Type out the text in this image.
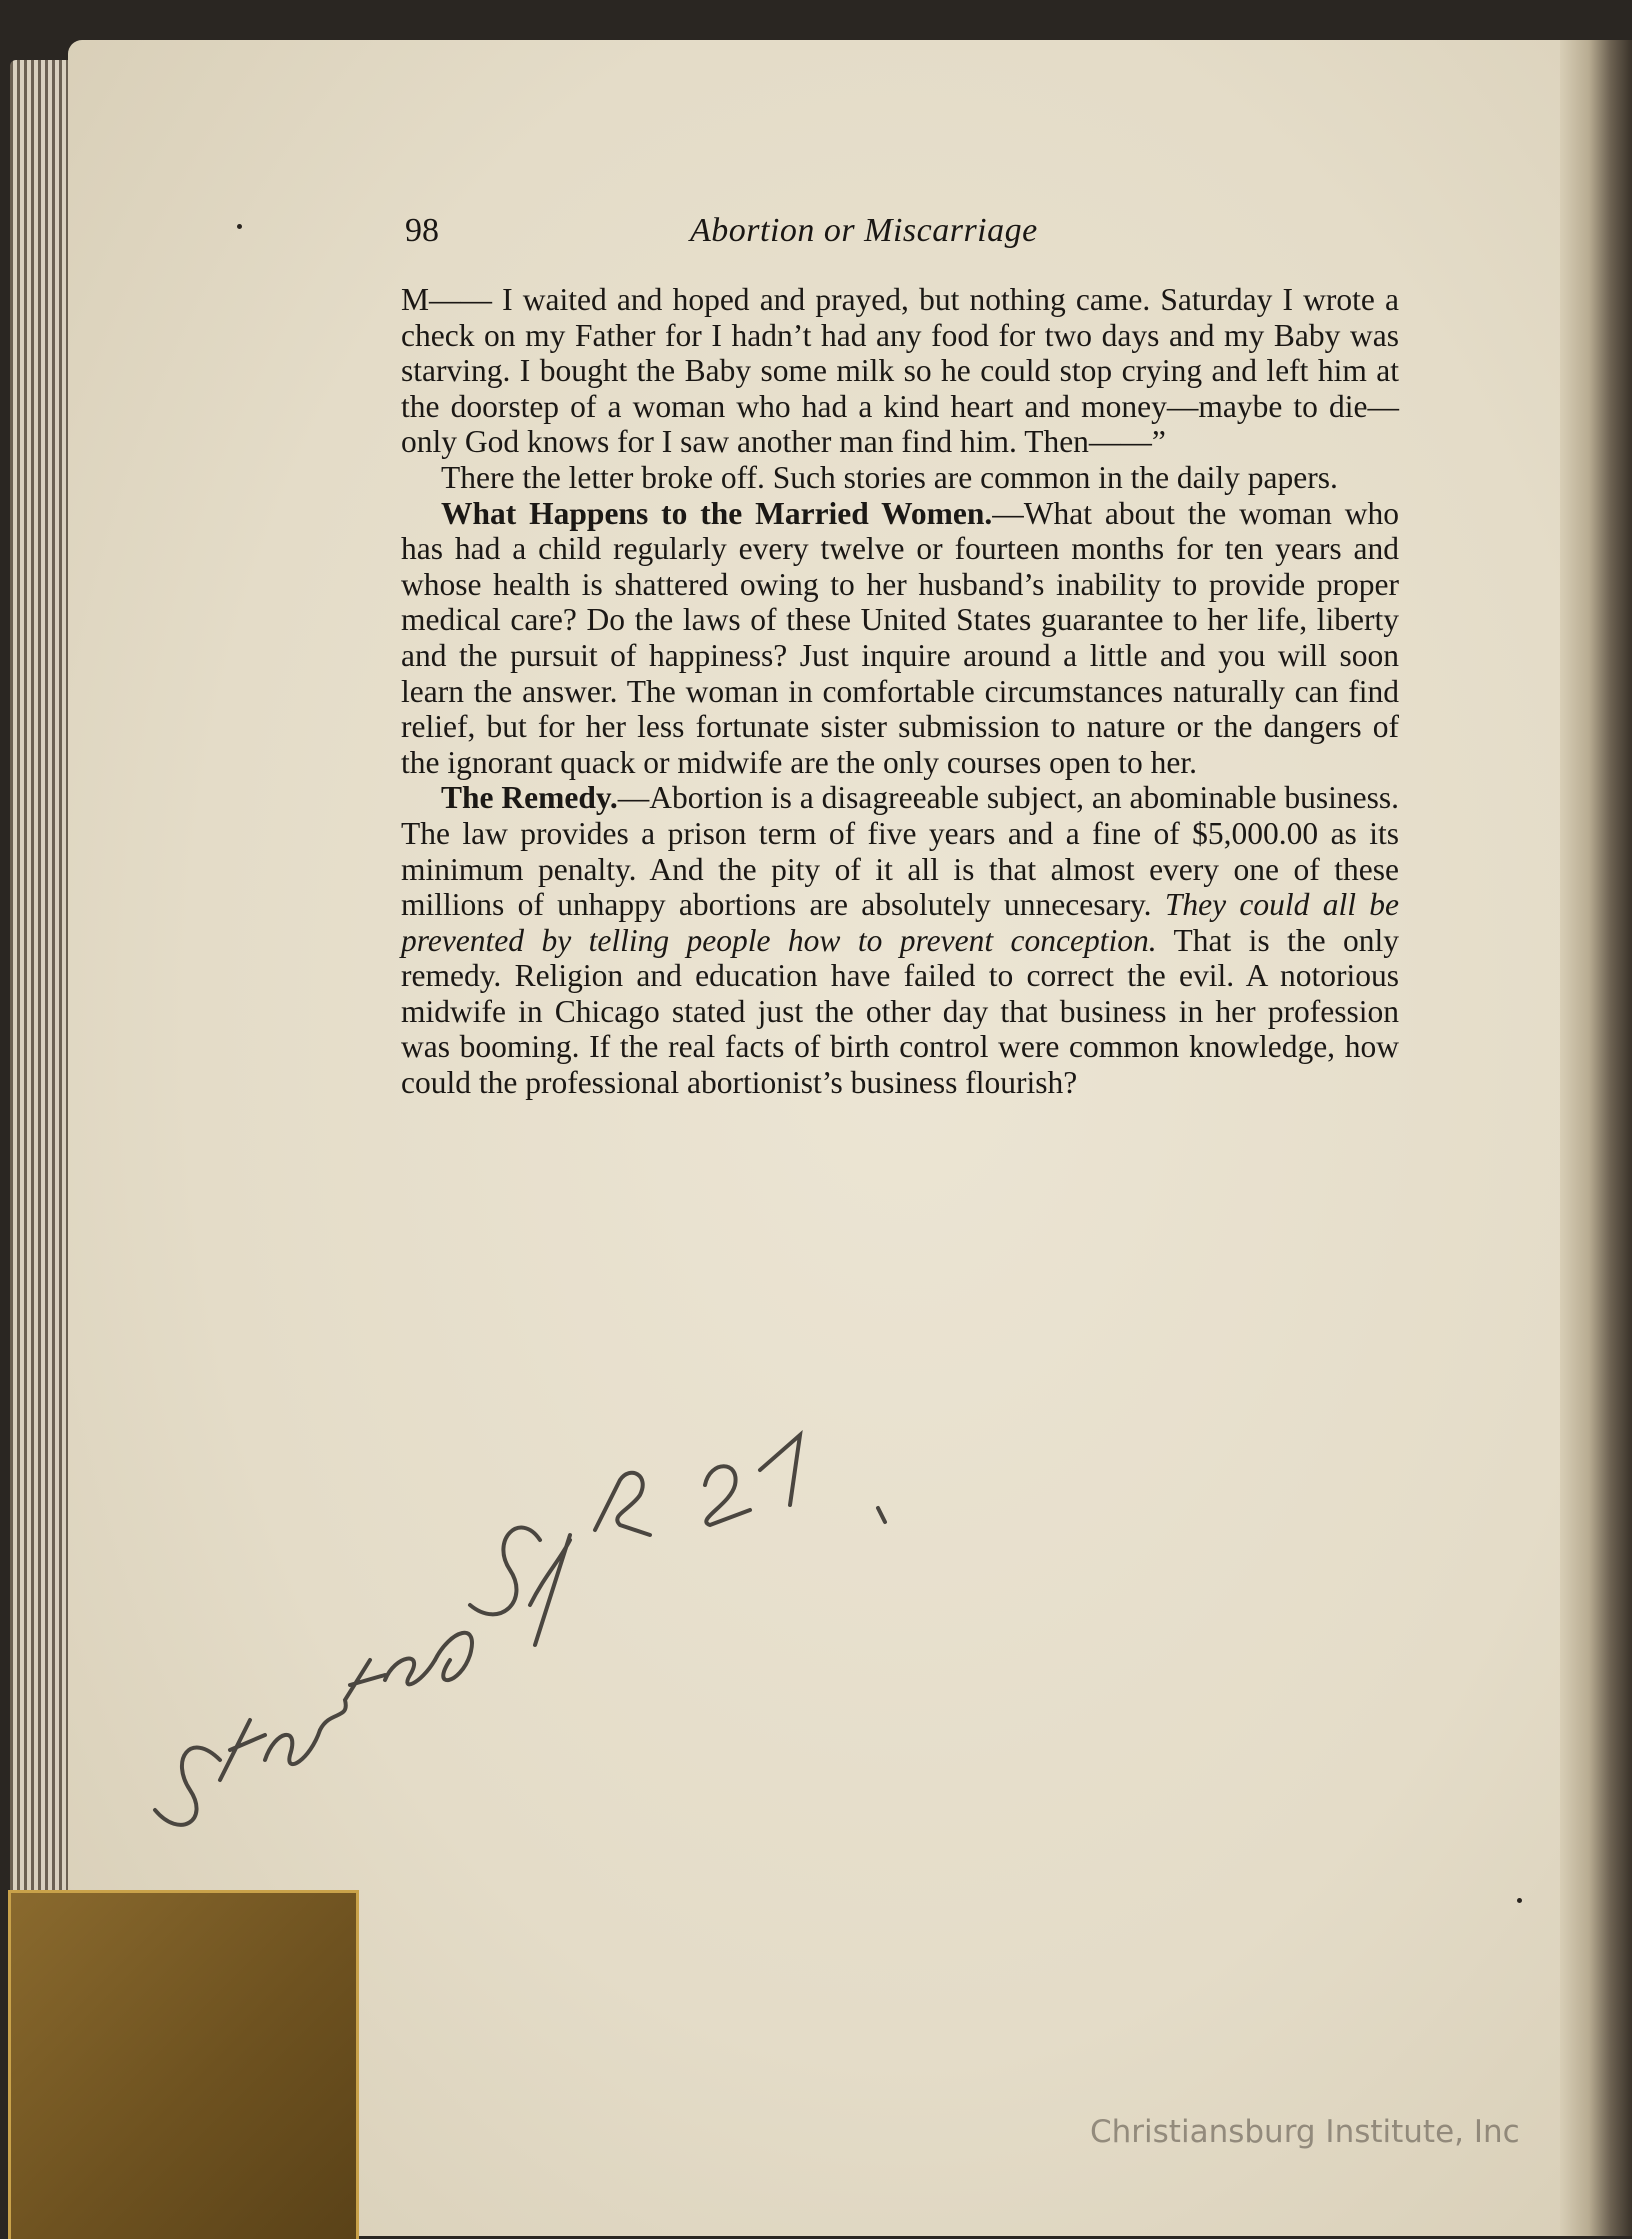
98	Abortion or Miscarriage

M—— I waited and hoped and prayed, but nothing came. Saturday I wrote a check on my Father for I hadn’t had any food for two days and my Baby was starving. I bought the Baby some milk so he could stop crying and left him at the doorstep of a woman who had a kind heart and money—maybe to die—only God knows for I saw another man find him. Then——”

There the letter broke off. Such stories are common in the daily papers.

What Happens to the Married Women.—What about the woman who has had a child regularly every twelve or fourteen months for ten years and whose health is shattered owing to her husband’s inability to provide proper medical care? Do the laws of these United States guarantee to her life, liberty and the pursuit of happiness? Just inquire around a little and you will soon learn the answer. The woman in comfortable circumstances naturally can find relief, but for her less fortunate sister submission to nature or the dangers of the ignorant quack or midwife are the only courses open to her.

The Remedy.—Abortion is a disagreeable subject, an abominable business. The law provides a prison term of five years and a fine of $5,000.00 as its minimum penalty. And the pity of it all is that almost every one of these millions of unhappy abortions are absolutely unnecesary. They could all be prevented by telling people how to prevent conception. That is the only remedy. Religion and education have failed to correct the evil. A notorious midwife in Chicago stated just the other day that business in her profession was booming. If the real facts of birth control were common knowledge, how could the professional abortionist’s business flourish?

Christiansburg Institute, Inc
